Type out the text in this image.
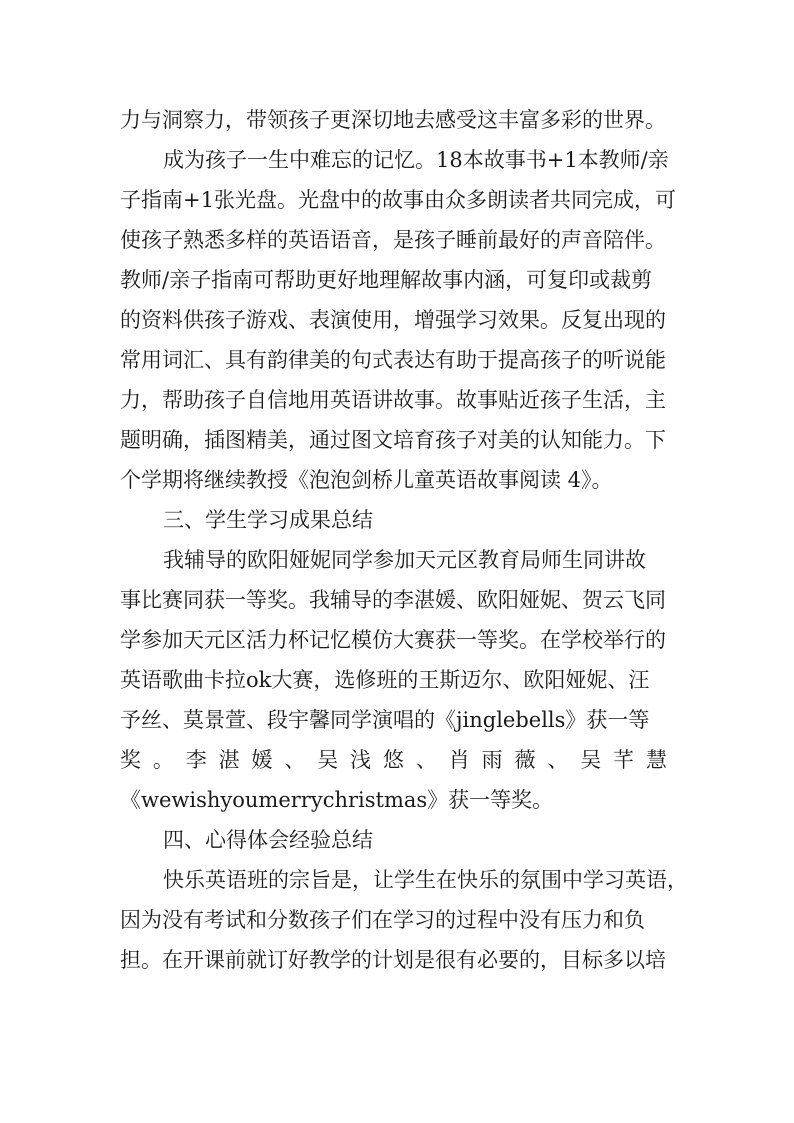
力与洞察力，带领孩子更深切地去感受这丰富多彩的世界。
成为孩子一生中难忘的记忆。18本故事书+1本教师/亲
子指南+1张光盘。光盘中的故事由众多朗读者共同完成，可
使孩子熟悉多样的英语语音，是孩子睡前最好的声音陪伴。
教师/亲子指南可帮助更好地理解故事内涵，可复印或裁剪
的资料供孩子游戏、表演使用，增强学习效果。反复出现的
常用词汇、具有韵律美的句式表达有助于提高孩子的听说能
力，帮助孩子自信地用英语讲故事。故事贴近孩子生活，主
题明确，插图精美，通过图文培育孩子对美的认知能力。下
个学期将继续教授《泡泡剑桥儿童英语故事阅读 4》。
三、学生学习成果总结
我辅导的欧阳娅妮同学参加天元区教育局师生同讲故
事比赛同获一等奖。我辅导的李湛媛、欧阳娅妮、贺云飞同
学参加天元区活力杯记忆模仿大赛获一等奖。在学校举行的
英语歌曲卡拉ok大赛，选修班的王斯迈尔、欧阳娅妮、汪
予丝、莫景萱、段宇馨同学演唱的《jinglebells》获一等
奖。李湛媛、吴浅悠、肖雨薇、吴芊慧
《wewishyoumerrychristmas》获一等奖。
四、心得体会经验总结
快乐英语班的宗旨是，让学生在快乐的氛围中学习英语，
因为没有考试和分数孩子们在学习的过程中没有压力和负
担。在开课前就订好教学的计划是很有必要的，目标多以培
